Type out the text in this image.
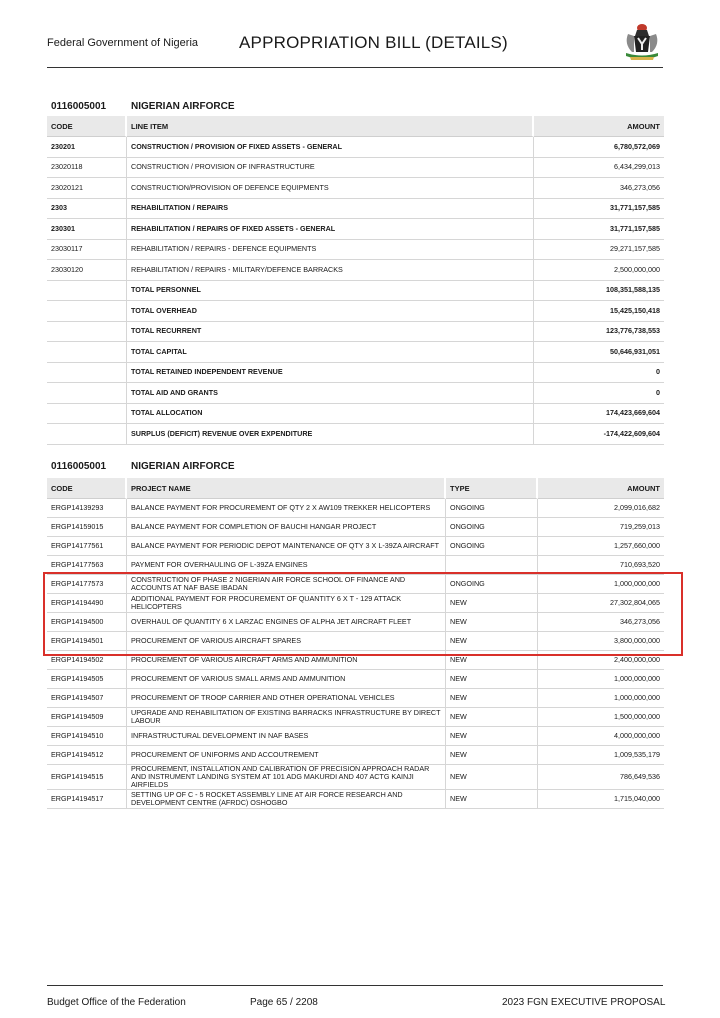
Federal Government of Nigeria APPROPRIATION BILL (DETAILS)
0116005001 NIGERIAN AIRFORCE
CODE	LINE ITEM	AMOUNT
230201	CONSTRUCTION / PROVISION OF FIXED ASSETS - GENERAL	6,780,572,069
23020118	CONSTRUCTION / PROVISION OF INFRASTRUCTURE	6,434,299,013
23020121	CONSTRUCTION/PROVISION OF DEFENCE EQUIPMENTS	346,273,056
2303	REHABILITATION / REPAIRS	31,771,157,585
230301	REHABILITATION / REPAIRS OF FIXED ASSETS - GENERAL	31,771,157,585
23030117	REHABILITATION / REPAIRS - DEFENCE EQUIPMENTS	29,271,157,585
23030120	REHABILITATION / REPAIRS - MILITARY/DEFENCE BARRACKS	2,500,000,000
	TOTAL PERSONNEL	108,351,588,135
	TOTAL OVERHEAD	15,425,150,418
	TOTAL RECURRENT	123,776,738,553
	TOTAL CAPITAL	50,646,931,051
	TOTAL RETAINED INDEPENDENT REVENUE	0
	TOTAL AID AND GRANTS	0
	TOTAL ALLOCATION	174,423,669,604
	SURPLUS (DEFICIT) REVENUE OVER EXPENDITURE	-174,422,609,604
0116005001 NIGERIAN AIRFORCE
CODE	PROJECT NAME	TYPE	AMOUNT
ERGP14139293	BALANCE PAYMENT FOR PROCUREMENT OF QTY 2 X AW109 TREKKER HELICOPTERS	ONGOING	2,099,016,682
ERGP14159015	BALANCE PAYMENT FOR COMPLETION OF BAUCHI HANGAR PROJECT	ONGOING	719,259,013
ERGP14177561	BALANCE PAYMENT FOR PERIODIC DEPOT MAINTENANCE OF QTY 3 X L-39ZA AIRCRAFT	ONGOING	1,257,660,000
ERGP14177563	PAYMENT FOR OVERHAULING OF L-39ZA ENGINES		710,693,520
ERGP14177573	CONSTRUCTION OF PHASE 2 NIGERIAN AIR FORCE SCHOOL OF FINANCE AND ACCOUNTS AT NAF BASE IBADAN	ONGOING	1,000,000,000
ERGP14194490	ADDITIONAL PAYMENT FOR PROCUREMENT OF QUANTITY 6 X T - 129 ATTACK HELICOPTERS	NEW	27,302,804,065
ERGP14194500	OVERHAUL OF QUANTITY 6 X LARZAC ENGINES OF ALPHA JET AIRCRAFT FLEET	NEW	346,273,056
ERGP14194501	PROCUREMENT OF VARIOUS AIRCRAFT SPARES	NEW	3,800,000,000
ERGP14194502	PROCUREMENT OF VARIOUS AIRCRAFT ARMS AND AMMUNITION	NEW	2,400,000,000
ERGP14194505	PROCUREMENT OF VARIOUS SMALL ARMS AND AMMUNITION	NEW	1,000,000,000
ERGP14194507	PROCUREMENT OF TROOP CARRIER AND OTHER OPERATIONAL VEHICLES	NEW	1,000,000,000
ERGP14194509	UPGRADE AND REHABILITATION OF EXISTING BARRACKS INFRASTRUCTURE BY DIRECT LABOUR	NEW	1,500,000,000
ERGP14194510	INFRASTRUCTURAL DEVELOPMENT IN NAF BASES	NEW	4,000,000,000
ERGP14194512	PROCUREMENT OF UNIFORMS AND ACCOUTREMENT	NEW	1,009,535,179
ERGP14194515	PROCUREMENT, INSTALLATION AND CALIBRATION OF PRECISION APPROACH RADAR AND INSTRUMENT LANDING SYSTEM AT 101 ADG MAKURDI AND 407 ACTG KAINJI AIRFIELDS	NEW	786,649,536
ERGP14194517	SETTING UP OF C - 5 ROCKET ASSEMBLY LINE AT AIR FORCE RESEARCH AND DEVELOPMENT CENTRE (AFRDC) OSHOGBO	NEW	1,715,040,000
Budget Office of the Federation	Page 65 / 2208	2023 FGN EXECUTIVE PROPOSAL
